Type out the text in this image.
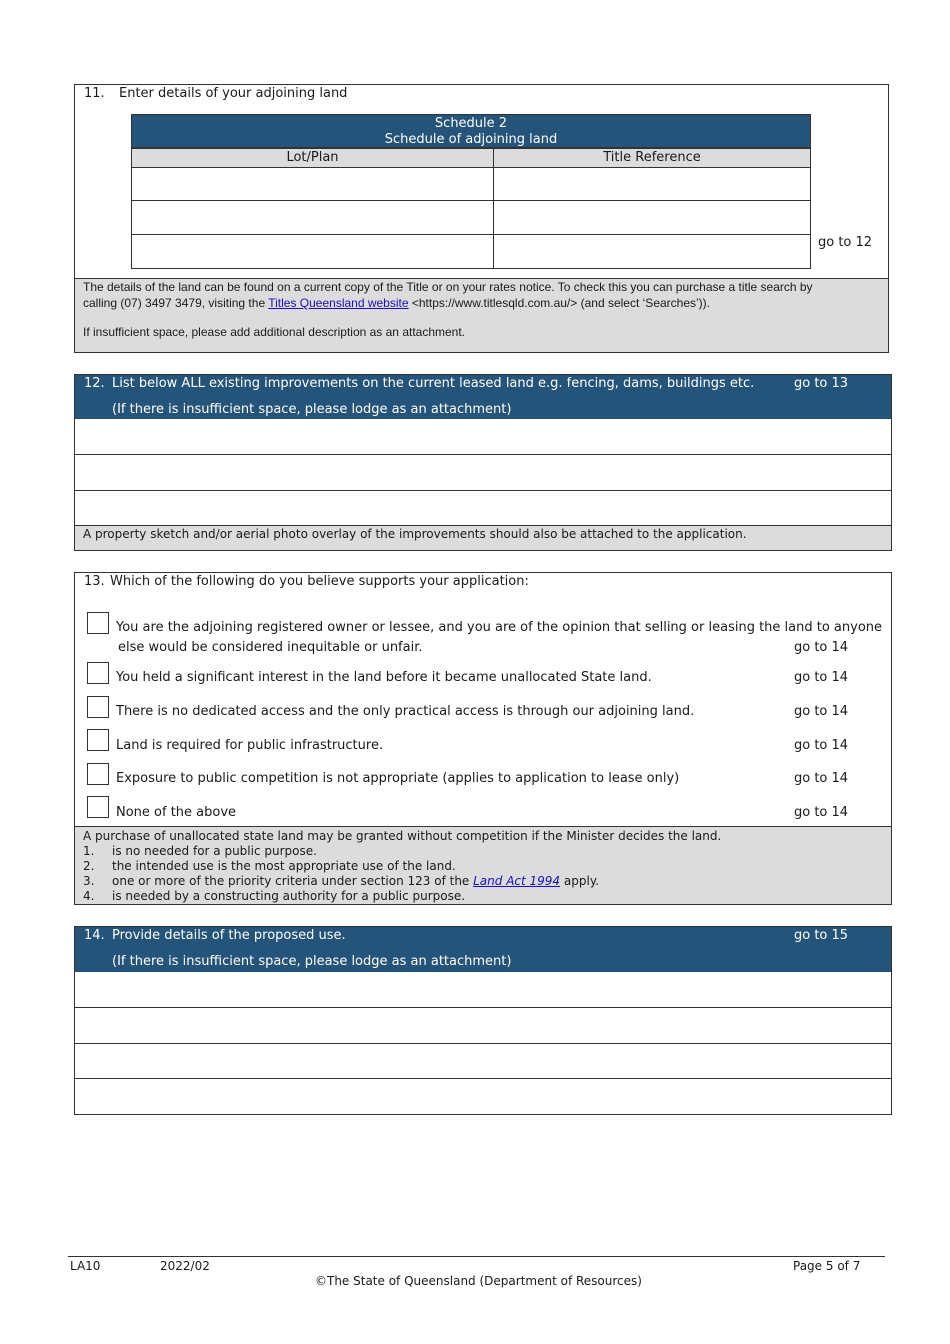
11. Enter details of your adjoining land
Schedule 2
Schedule of adjoining land
Lot/Plan	Title Reference
go to 12
The details of the land can be found on a current copy of the Title or on your rates notice. To check this you can purchase a title search by
calling (07) 3497 3479, visiting the Titles Queensland website <https://www.titlesqld.com.au/> (and select ‘Searches’)).
If insufficient space, please add additional description as an attachment.
12. List below ALL existing improvements on the current leased land e.g. fencing, dams, buildings etc.	go to 13
(If there is insufficient space, please lodge as an attachment)
A property sketch and/or aerial photo overlay of the improvements should also be attached to the application.
13. Which of the following do you believe supports your application:
You are the adjoining registered owner or lessee, and you are of the opinion that selling or leasing the land to anyone
else would be considered inequitable or unfair.	go to 14
You held a significant interest in the land before it became unallocated State land.	go to 14
There is no dedicated access and the only practical access is through our adjoining land.	go to 14
Land is required for public infrastructure.	go to 14
Exposure to public competition is not appropriate (applies to application to lease only)	go to 14
None of the above	go to 14
A purchase of unallocated state land may be granted without competition if the Minister decides the land.
1. is no needed for a public purpose.
2. the intended use is the most appropriate use of the land.
3. one or more of the priority criteria under section 123 of the Land Act 1994 apply.
4. is needed by a constructing authority for a public purpose.
14. Provide details of the proposed use.	go to 15
(If there is insufficient space, please lodge as an attachment)
LA10	2022/02	Page 5 of 7
©The State of Queensland (Department of Resources)
